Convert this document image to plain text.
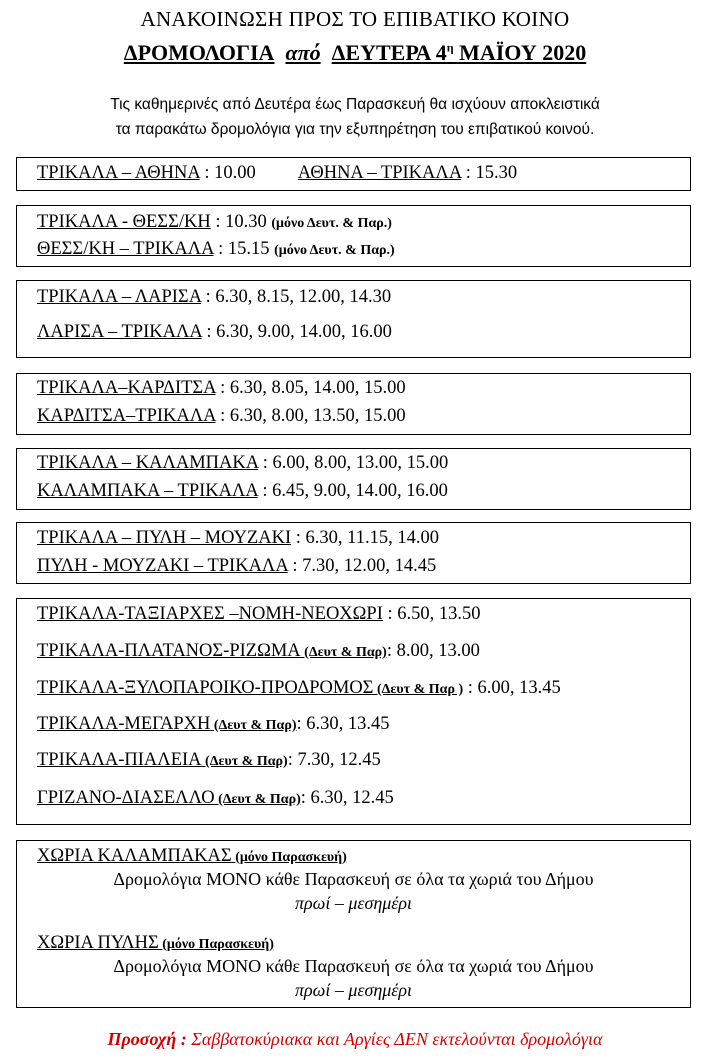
ΑΝΑΚΟΙΝΩΣΗ ΠΡΟΣ ΤΟ ΕΠΙΒΑΤΙΚΟ ΚΟΙΝΟ
ΔΡΟΜΟΛΟΓΙΑ από ΔΕΥΤΕΡΑ $4^\eta$ ΜΑΪΟΥ 2020
Τις καθημερινές από Δευτέρα έως Παρασκευή θα ισχύουν αποκλειστικά
τα παρακάτω δρομολόγια για την εξυπηρέτηση του επιβατικού κοινού.
ΤΡΙΚΑΛΑ – ΑΘΗΝΑ : 10.00 ΑΘΗΝΑ – ΤΡΙΚΑΛΑ : 15.30
ΤΡΙΚΑΛΑ - ΘΕΣΣ/ΚΗ : 10.30 (μόνο Δευτ. & Παρ.)
ΘΕΣΣ/ΚΗ – ΤΡΙΚΑΛΑ : 15.15 (μόνο Δευτ. & Παρ.)
ΤΡΙΚΑΛΑ – ΛΑΡΙΣΑ : 6.30, 8.15, 12.00, 14.30
ΛΑΡΙΣΑ – ΤΡΙΚΑΛΑ : 6.30, 9.00, 14.00, 16.00
ΤΡΙΚΑΛΑ–ΚΑΡΔΙΤΣΑ : 6.30, 8.05, 14.00, 15.00
ΚΑΡΔΙΤΣΑ–ΤΡΙΚΑΛΑ : 6.30, 8.00, 13.50, 15.00
ΤΡΙΚΑΛΑ – ΚΑΛΑΜΠΑΚΑ : 6.00, 8.00, 13.00, 15.00
ΚΑΛΑΜΠΑΚΑ – ΤΡΙΚΑΛΑ : 6.45, 9.00, 14.00, 16.00
ΤΡΙΚΑΛΑ – ΠΥΛΗ – ΜΟΥΖΑΚΙ : 6.30, 11.15, 14.00
ΠΥΛΗ - ΜΟΥΖΑΚΙ – ΤΡΙΚΑΛΑ : 7.30, 12.00, 14.45
ΤΡΙΚΑΛΑ-ΤΑΞΙΑΡΧΕΣ –ΝΟΜΗ-ΝΕΟΧΩΡΙ : 6.50, 13.50
ΤΡΙΚΑΛΑ-ΠΛΑΤΑΝΟΣ-ΡΙΖΩΜΑ (Δευτ & Παρ): 8.00, 13.00
ΤΡΙΚΑΛΑ-ΞΥΛΟΠΑΡΟΙΚΟ-ΠΡΟΔΡΟΜΟΣ (Δευτ & Παρ ) : 6.00, 13.45
ΤΡΙΚΑΛΑ-ΜΕΓΑΡΧΗ (Δευτ & Παρ): 6.30, 13.45
ΤΡΙΚΑΛΑ-ΠΙΑΛΕΙΑ (Δευτ & Παρ): 7.30, 12.45
ΓΡΙΖΑΝΟ-ΔΙΑΣΕΛΛΟ (Δευτ & Παρ): 6.30, 12.45
ΧΩΡΙΑ ΚΑΛΑΜΠΑΚΑΣ (μόνο Παρασκευή)
Δρομολόγια ΜΟΝΟ κάθε Παρασκευή σε όλα τα χωριά του Δήμου
πρωί – μεσημέρι
ΧΩΡΙΑ ΠΥΛΗΣ (μόνο Παρασκευή)
Δρομολόγια ΜΟΝΟ κάθε Παρασκευή σε όλα τα χωριά του Δήμου
πρωί – μεσημέρι
Προσοχή : Σαββατοκύριακα και Αργίες ΔΕΝ εκτελούνται δρομολόγια
